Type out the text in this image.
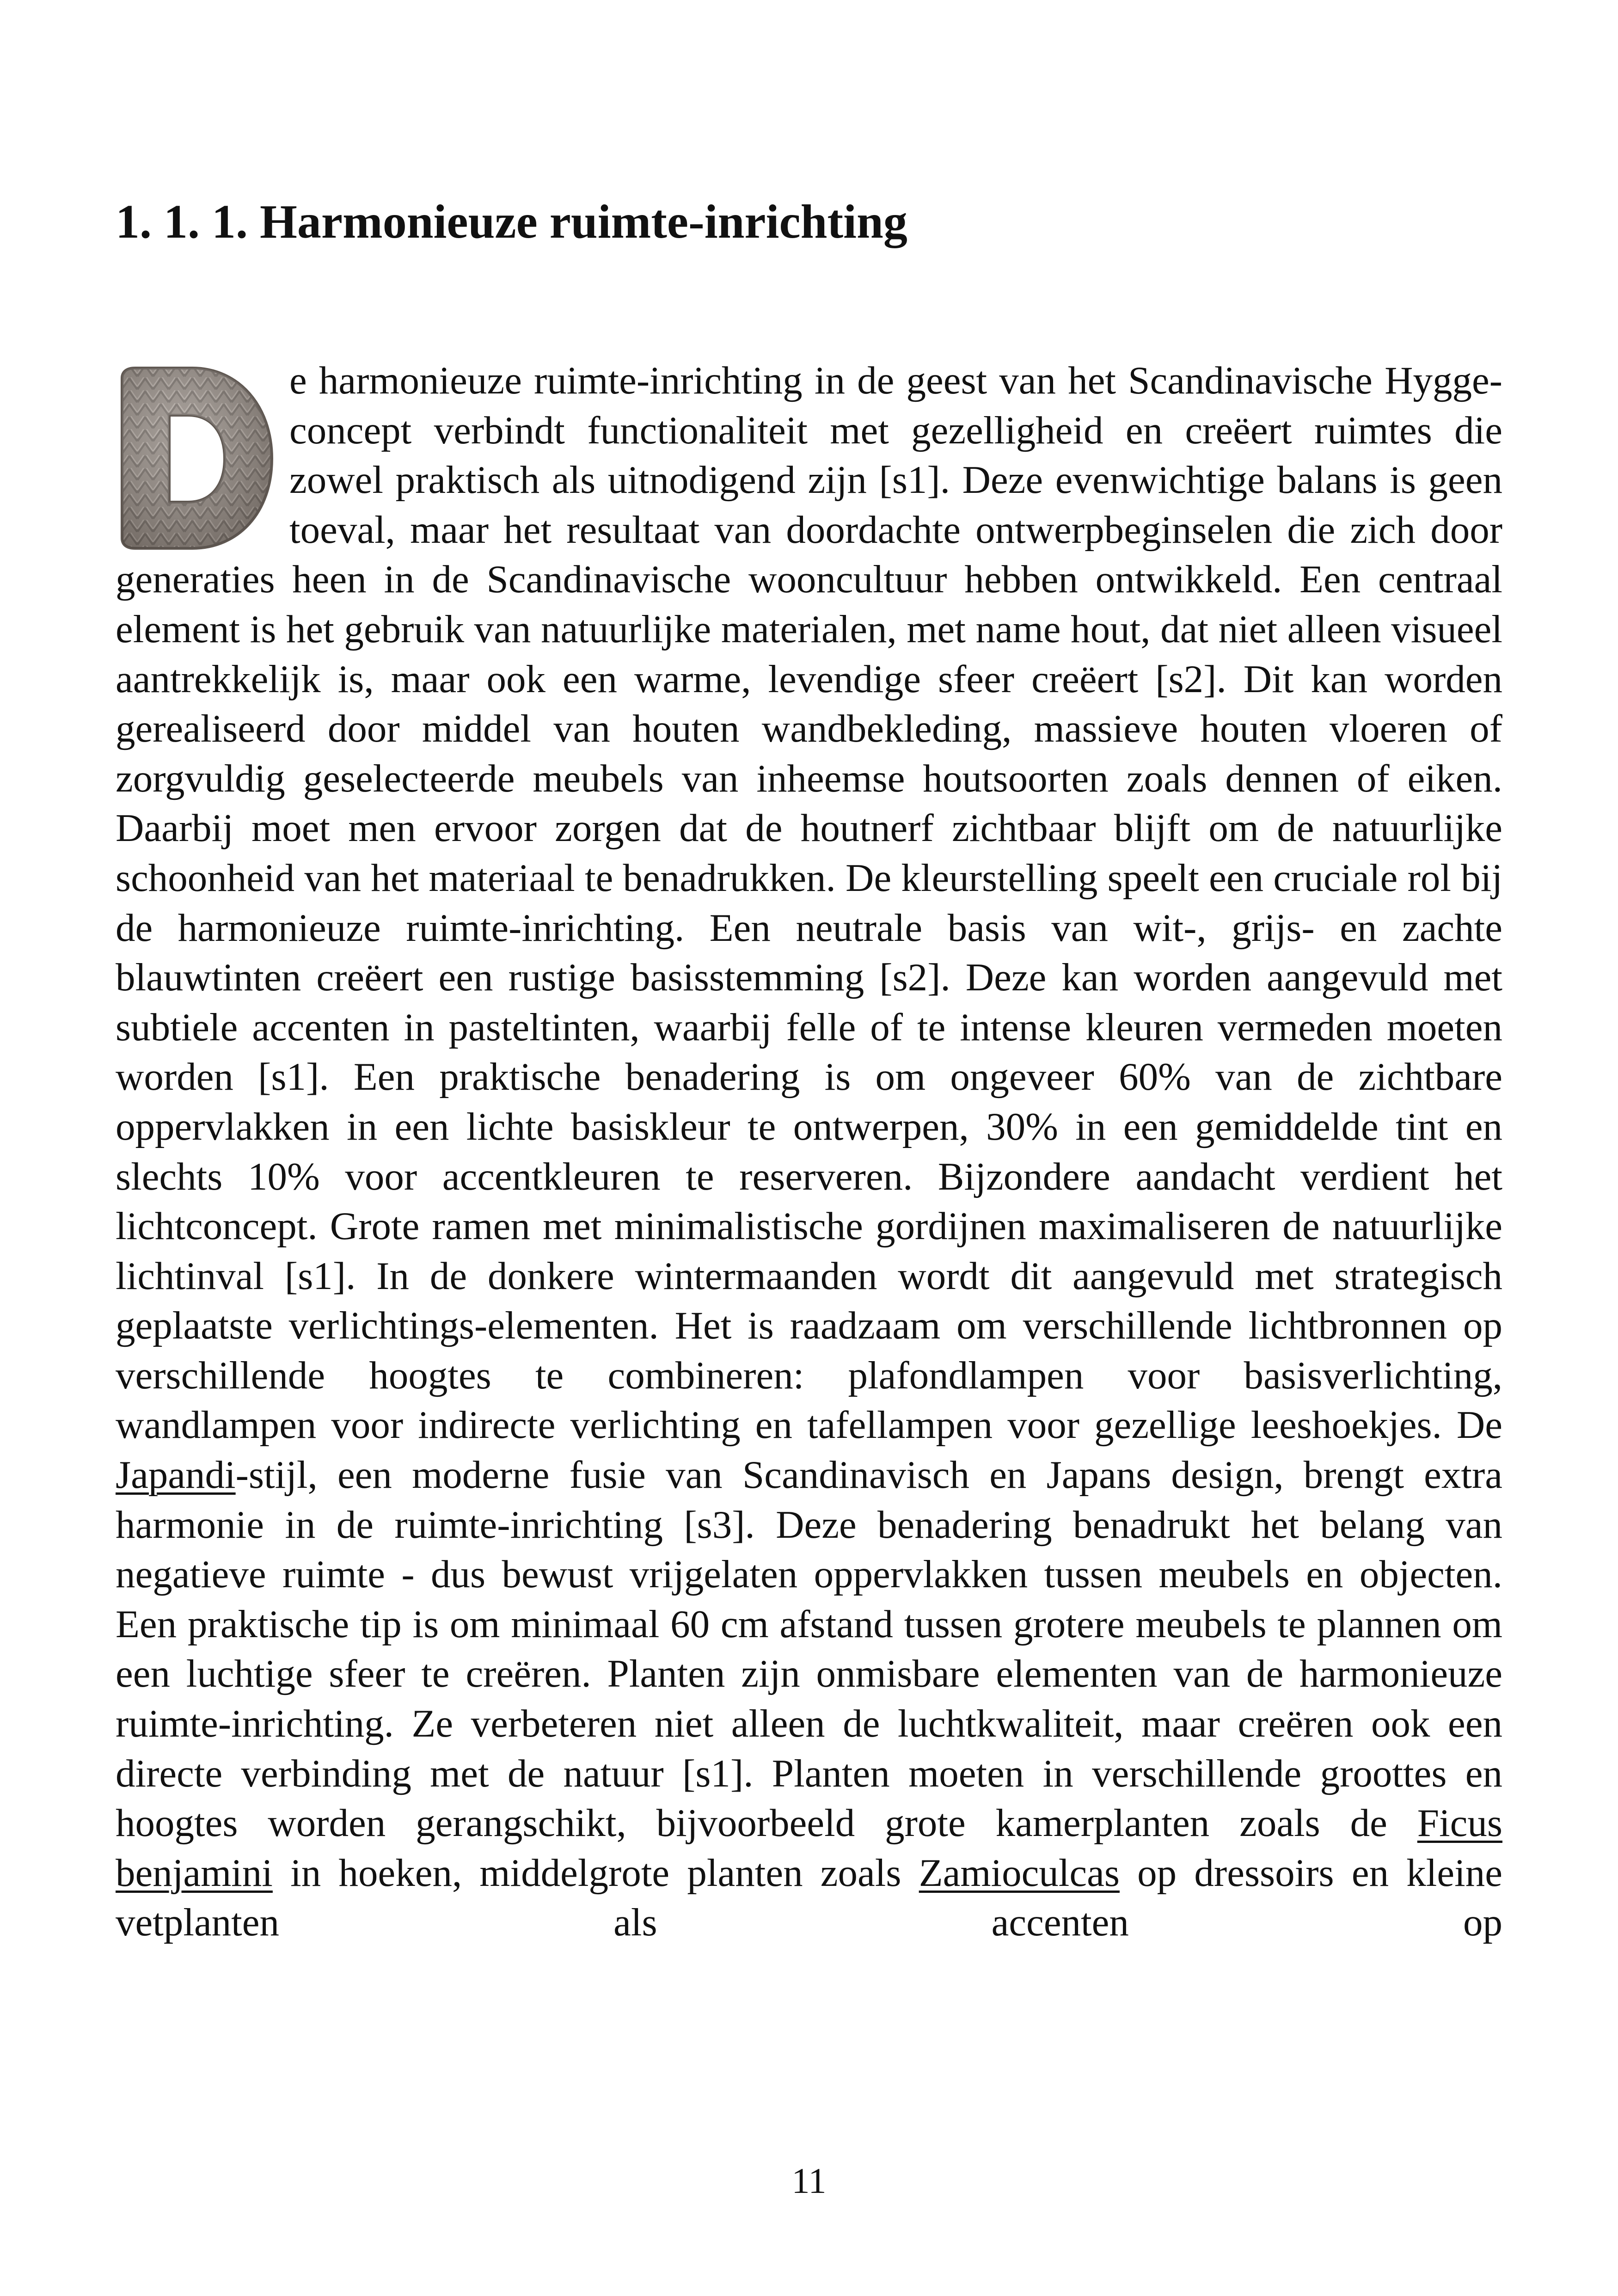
1. 1. 1. Harmonieuze ruimte-inrichting

e harmonieuze ruimte-inrichting in de geest van het Scandinavische Hygge-concept verbindt functionaliteit met gezelligheid en creëert ruimtes die zowel praktisch als uitnodigend zijn [s1]. Deze evenwichtige balans is geen toeval, maar het resultaat van doordachte ontwerpbeginselen die zich door generaties heen in de Scandinavische wooncultuur hebben ontwikkeld. Een centraal element is het gebruik van natuurlijke materialen, met name hout, dat niet alleen visueel aantrekkelijk is, maar ook een warme, levendige sfeer creëert [s2]. Dit kan worden gerealiseerd door middel van houten wandbekleding, massieve houten vloeren of zorgvuldig geselecteerde meubels van inheemse houtsoorten zoals dennen of eiken. Daarbij moet men ervoor zorgen dat de houtnerf zichtbaar blijft om de natuurlijke schoonheid van het materiaal te benadrukken. De kleurstelling speelt een cruciale rol bij de harmonieuze ruimte-inrichting. Een neutrale basis van wit-, grijs- en zachte blauwtinten creëert een rustige basisstemming [s2]. Deze kan worden aangevuld met subtiele accenten in pasteltinten, waarbij felle of te intense kleuren vermeden moeten worden [s1]. Een praktische benadering is om ongeveer 60% van de zichtbare oppervlakken in een lichte basiskleur te ontwerpen, 30% in een gemiddelde tint en slechts 10% voor accentkleuren te reserveren. Bijzondere aandacht verdient het lichtconcept. Grote ramen met minimalistische gordijnen maximaliseren de natuurlijke lichtinval [s1]. In de donkere wintermaanden wordt dit aangevuld met strategisch geplaatste verlichtings-elementen. Het is raadzaam om verschillende lichtbronnen op verschillende hoogtes te combineren: plafondlampen voor basisverlichting, wandlampen voor indirecte verlichting en tafellampen voor gezellige leeshoekjes. De Japandi-stijl, een moderne fusie van Scandinavisch en Japans design, brengt extra harmonie in de ruimte-inrichting [s3]. Deze benadering benadrukt het belang van negatieve ruimte - dus bewust vrijgelaten oppervlakken tussen meubels en objecten. Een praktische tip is om minimaal 60 cm afstand tussen grotere meubels te plannen om een luchtige sfeer te creëren. Planten zijn onmisbare elementen van de harmonieuze ruimte-inrichting. Ze verbeteren niet alleen de luchtkwaliteit, maar creëren ook een directe verbinding met de natuur [s1]. Planten moeten in verschillende groottes en hoogtes worden gerangschikt, bijvoorbeeld grote kamerplanten zoals de Ficus benjamini in hoeken, middelgrote planten zoals Zamioculcas op dressoirs en kleine vetplanten als accenten op

11
